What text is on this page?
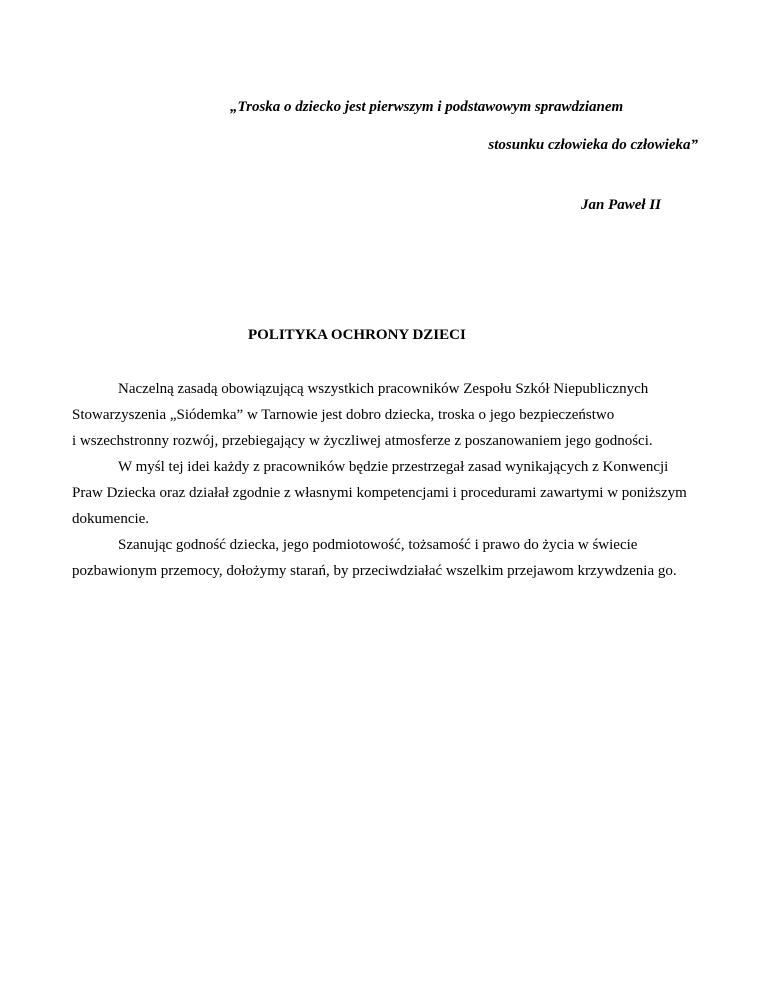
„Troska o dziecko jest pierwszym i podstawowym sprawdzianem
stosunku człowieka do człowieka”
Jan Paweł II
POLITYKA OCHRONY DZIECI
Naczelną zasadą obowiązującą wszystkich pracowników Zespołu Szkół Niepublicznych
Stowarzyszenia „Siódemka” w Tarnowie jest dobro dziecka, troska o jego bezpieczeństwo
i wszechstronny rozwój, przebiegający w życzliwej atmosferze z poszanowaniem jego godności.
W myśl tej idei każdy z pracowników będzie przestrzegał zasad wynikających z Konwencji
Praw Dziecka oraz działał zgodnie z własnymi kompetencjami i procedurami zawartymi w poniższym
dokumencie.
Szanując godność dziecka, jego podmiotowość, tożsamość i prawo do życia w świecie
pozbawionym przemocy, dołożymy starań, by przeciwdziałać wszelkim przejawom krzywdzenia go.
